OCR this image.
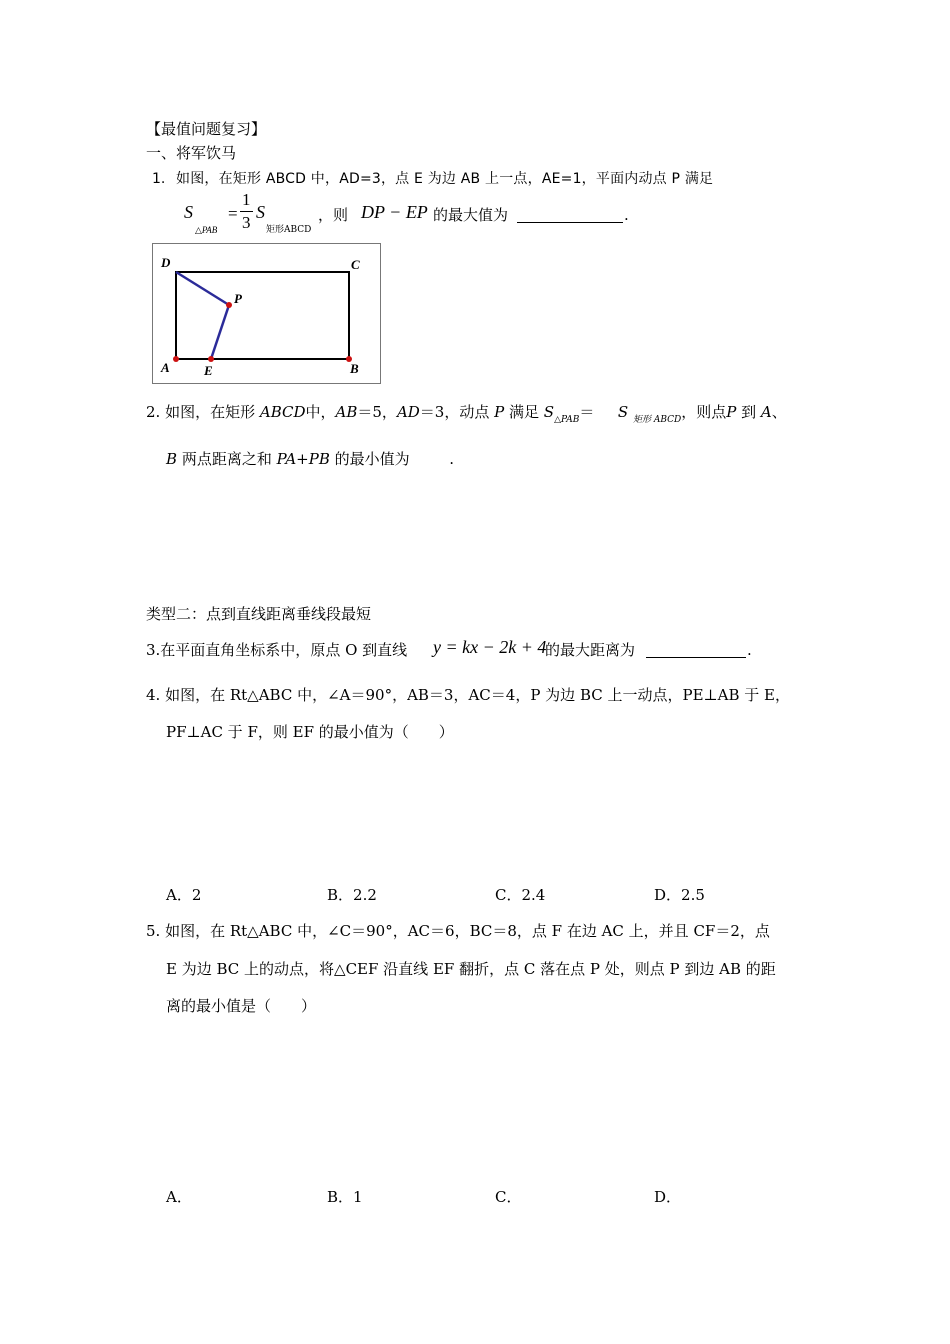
【最值问题复习】
一、将军饮马
1. 如图，在矩形 ABCD 中，AD=3，点 E 为边 AB 上一点，AE=1，平面内动点 P 满足
S
△PAB
=
1
3
S
矩形ABCD
，则 DP − EP 的最大值为	.
D	C
P
A	E	B
2. 如图，在矩形 ABCD中，AB＝5，AD＝3，动点 P 满足 $S_{\triangle PAB}= S$ $_{矩形 ABCD}$，则点P 到 A、
B 两点距离之和 PA+PB 的最小值为	.
类型二：点到直线距离垂线段最短
3.在平面直角坐标系中，原点 O 到直线 y = kx − 2k + 4
的最大距离为	.
4. 如图，在 Rt△ABC 中，∠A＝90°，AB＝3，AC＝4，P 为边 BC 上一动点，PE⊥AB 于 E，
PF⊥AC 于 F，则 EF 的最小值为（　　）
A．2	B．2.2	C．2.4	D．2.5
5. 如图，在 Rt△ABC 中，∠C＝90°，AC＝6，BC＝8，点 F 在边 AC 上，并且 CF＝2，点
E 为边 BC 上的动点，将△CEF 沿直线 EF 翻折，点 C 落在点 P 处，则点 P 到边 AB 的距
离的最小值是（　　）
A．	B．1	C．	D．
